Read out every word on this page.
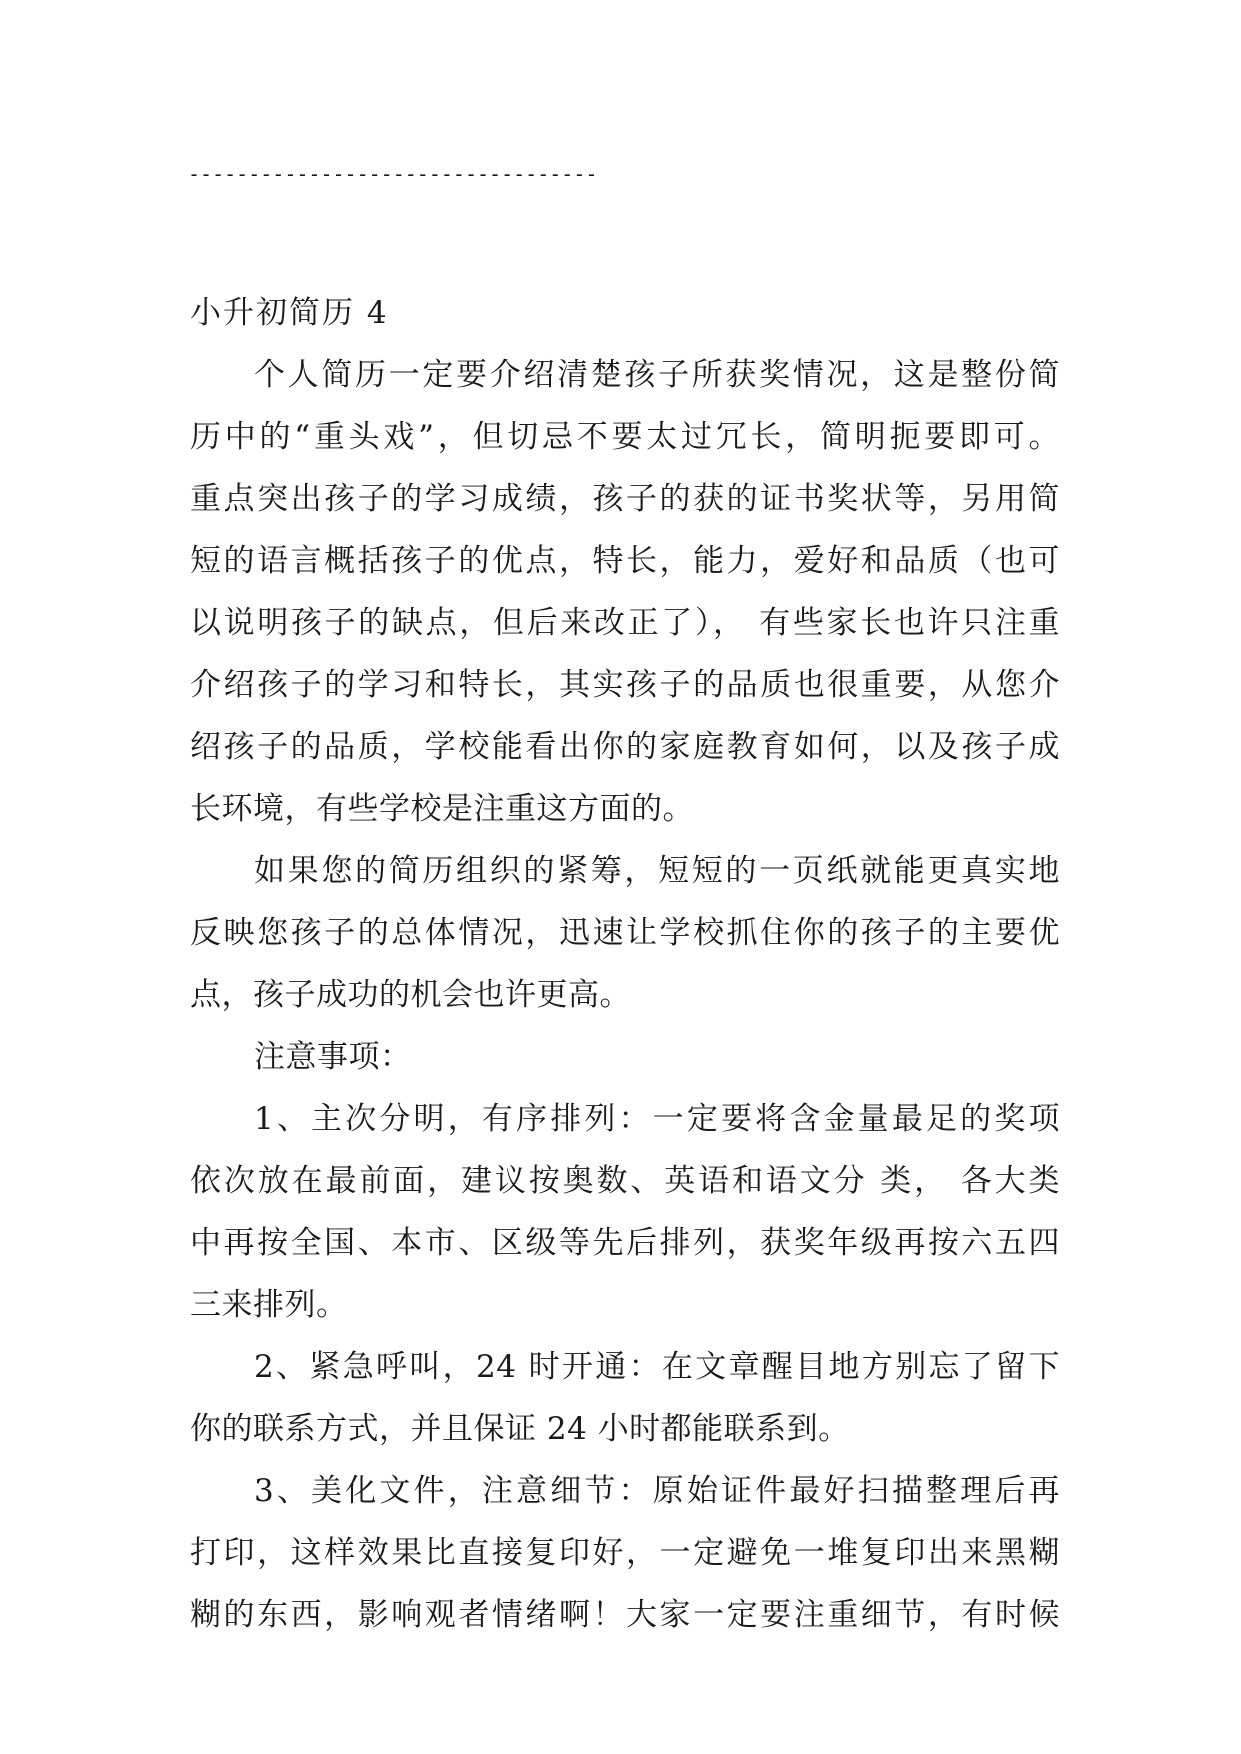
----------------------------------
小升初简历 4
个人简历一定要介绍清楚孩子所获奖情况，这是整份简
历中的“重头戏”，但切忌不要太过冗长，简明扼要即可。
重点突出孩子的学习成绩，孩子的获的证书奖状等，另用简
短的语言概括孩子的优点，特长，能力，爱好和品质（也可
以说明孩子的缺点，但后来改正了）， 有些家长也许只注重
介绍孩子的学习和特长，其实孩子的品质也很重要，从您介
绍孩子的品质，学校能看出你的家庭教育如何，以及孩子成
长环境，有些学校是注重这方面的。
如果您的简历组织的紧筹，短短的一页纸就能更真实地
反映您孩子的总体情况，迅速让学校抓住你的孩子的主要优
点，孩子成功的机会也许更高。
注意事项：
1、主次分明，有序排列：一定要将含金量最足的奖项
依次放在最前面，建议按奥数、英语和语文分 类， 各大类
中再按全国、本市、区级等先后排列，获奖年级再按六五四
三来排列。
2、紧急呼叫，24 时开通：在文章醒目地方别忘了留下
你的联系方式，并且保证 24 小时都能联系到。
3、美化文件，注意细节：原始证件最好扫描整理后再
打印，这样效果比直接复印好，一定避免一堆复印出来黑糊
糊的东西，影响观者情绪啊！大家一定要注重细节，有时候
